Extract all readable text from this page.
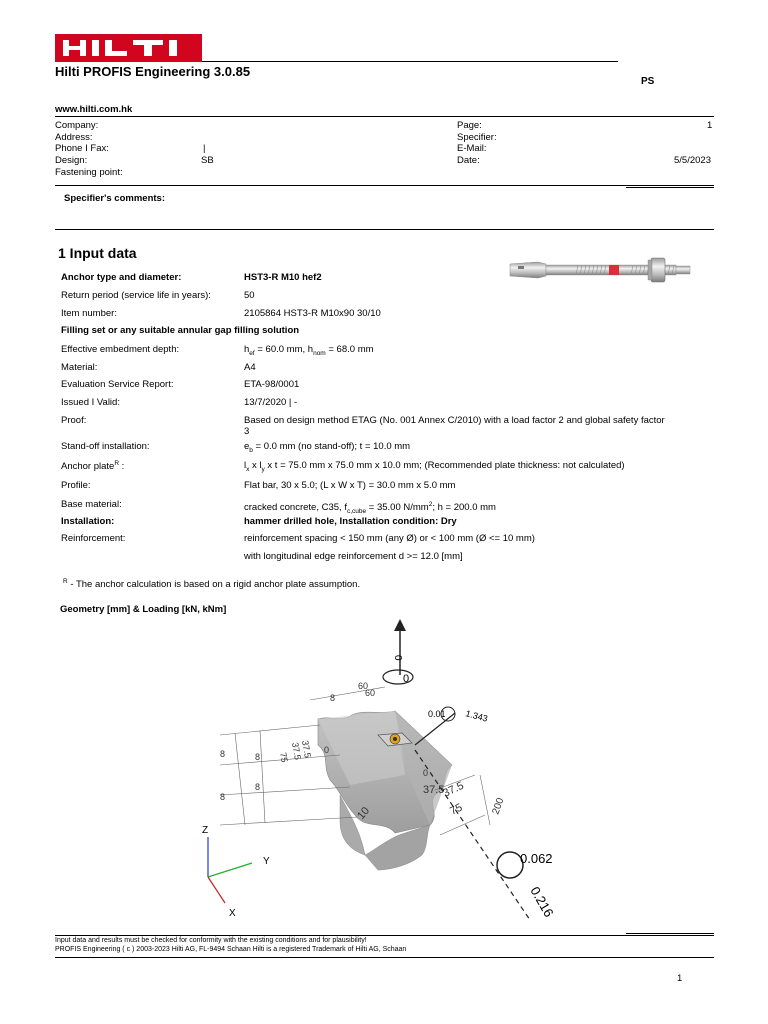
Hilti PROFIS Engineering 3.0.85
PS
www.hilti.com.hk
Company:
Address:
Phone I Fax:	|
Design:	SB
Fastening point:
Page:	1
Specifier:
E-Mail:
Date:	5/5/2023
Specifier's comments:
1 Input data
Anchor type and diameter:	HST3-R M10 hef2
Return period (service life in years):	50
Item number:	2105864 HST3-R M10x90 30/10
Filling set or any suitable annular gap filling solution
Effective embedment depth:	$h_{ef} = 60.0$ mm, $h_{nom} = 68.0$ mm
Material:	A4
Evaluation Service Report:	ETA-98/0001
Issued I Valid:	13/7/2020 | -
Proof:	Based on design method ETAG (No. 001 Annex C/2010) with a load factor 2 and global safety factor
3
Stand-off installation:	$e_b = 0.0$ mm (no stand-off); t = 10.0 mm
Anchor plate$^R$ :	$l_x$ x $l_y$ x t = 75.0 mm x 75.0 mm x 10.0 mm; (Recommended plate thickness: not calculated)
Profile:	Flat bar, 30 x 5.0; (L x W x T) = 30.0 mm x 5.0 mm
Base material:	cracked concrete, C35, $f_{c,cube} = 35.00$ $N/mm^2$; h = 200.0 mm
Installation:	hammer drilled hole, Installation condition: Dry
Reinforcement:	reinforcement spacing < 150 mm (any Ø) or < 100 mm (Ø <= 10 mm)
with longitudinal edge reinforcement d >= 12.0 [mm]
$^R$ - The anchor calculation is based on a rigid anchor plate assumption.
Geometry [mm] & Loading [kN, kNm]
0
0
0.01 1.343
0.062
0.216
60
60
8
8
8
8
8	37.5
37.5
75
0
0
37.5
37.5
75	200
10
Z
Y
X
Input data and results must be checked for conformity with the existing conditions and for plausibility!
PROFIS Engineering ( c ) 2003-2023 Hilti AG, FL-9494 Schaan Hilti is a registered Trademark of Hilti AG, Schaan
1
